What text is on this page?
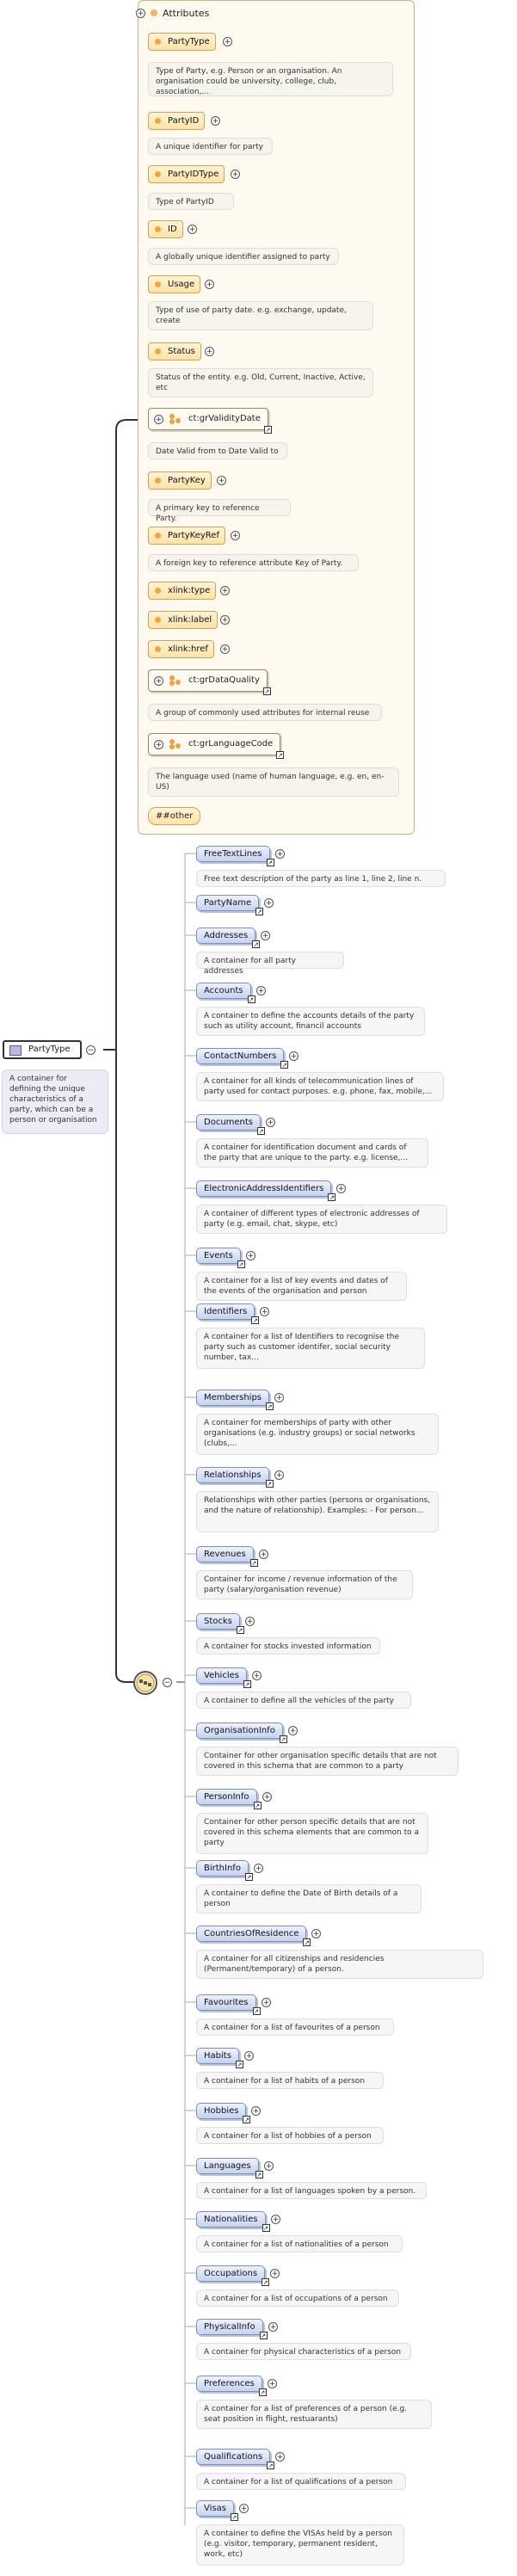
+ Attributes
PartyType	+
Type of Party, e.g. Person or an organisation. An organisation could be university, college, club, association,...
PartyID	+
A unique identifier for party
PartyIDType	+
Type of PartyID
ID	+
A globally unique identifier assigned to party
Usage	+
Type of use of party date. e.g. exchange, update, create
Status	+
Status of the entity. e.g. Old, Current, Inactive, Active, etc
+	ct:grValidityDate
↗
Date Valid from to Date Valid to
PartyKey	+
A primary key to reference Party.
PartyKeyRef	+
A foreign key to reference attribute Key of Party.
xlink:type	+
xlink:label	+
xlink:href	+
+	ct:grDataQuality
↗
A group of commonly used attributes for internal reuse
+	ct:grLanguageCode
↗
The language used (name of human language, e.g. en, en-US)
##other
PartyType	−
A container for defining the unique characteristics of a party, which can be a person or organisation
−
FreeTextLines
↗
+
Free text description of the party as line 1, line 2, line n.
PartyName
↗
+
Addresses
↗
+
A container for all party addresses
Accounts
↗
+
A container to define the accounts details of the party such as utility account, financil accounts
ContactNumbers
↗
+
A container for all kinds of telecommunication lines of party used for contact purposes. e.g. phone, fax, mobile,...
Documents
↗
+
A container for identification document and cards of the party that are unique to the party. e.g. license,...
ElectronicAddressIdentifiers
↗
+
A container of different types of electronic addresses of party (e.g. email, chat, skype, etc)
Events
↗
+
A container for a list of key events and dates of the events of the organisation and person
Identifiers
↗
+
A container for a list of Identifiers to recognise the party such as customer identifer, social security number, tax...
Memberships
↗
+
A container for memberships of party with other organisations (e.g. industry groups) or social networks (clubs,...
Relationships
↗
+
Relationships with other parties (persons or organisations, and the nature of relationship). Examples: - For person...
Revenues
↗
+
Container for income / revenue information of the party (salary/organisation revenue)
Stocks
↗
+
A container for stocks invested information
Vehicles
↗
+
A container to define all the vehicles of the party
OrganisationInfo
↗
+
Container for other organisation specific details that are not covered in this schema that are common to a party
PersonInfo
↗
+
Container for other person specific details that are not covered in this schema elements that are common to a party
BirthInfo
↗
+
A container to define the Date of Birth details of a person
CountriesOfResidence
↗
+
A container for all citizenships and residencies (Permanent/temporary) of a person.
Favourites
↗
+
A container for a list of favourites of a person
Habits
↗
+
A container for a list of habits of a person
Hobbies
↗
+
A container for a list of hobbies of a person
Languages
↗
+
A container for a list of languages spoken by a person.
Nationalities
↗
+
A container for a list of nationalities of a person
Occupations
↗
+
A container for a list of occupations of a person
PhysicalInfo
↗
+
A container for physical characteristics of a person
Preferences
↗
+
A container for a list of preferences of a person (e.g. seat position in flight, restuarants)
Qualifications
↗
+
A container for a list of qualifications of a person
Visas
↗
+
A container to define the VISAs held by a person (e.g. visitor, temporary, permanent resident, work, etc)
